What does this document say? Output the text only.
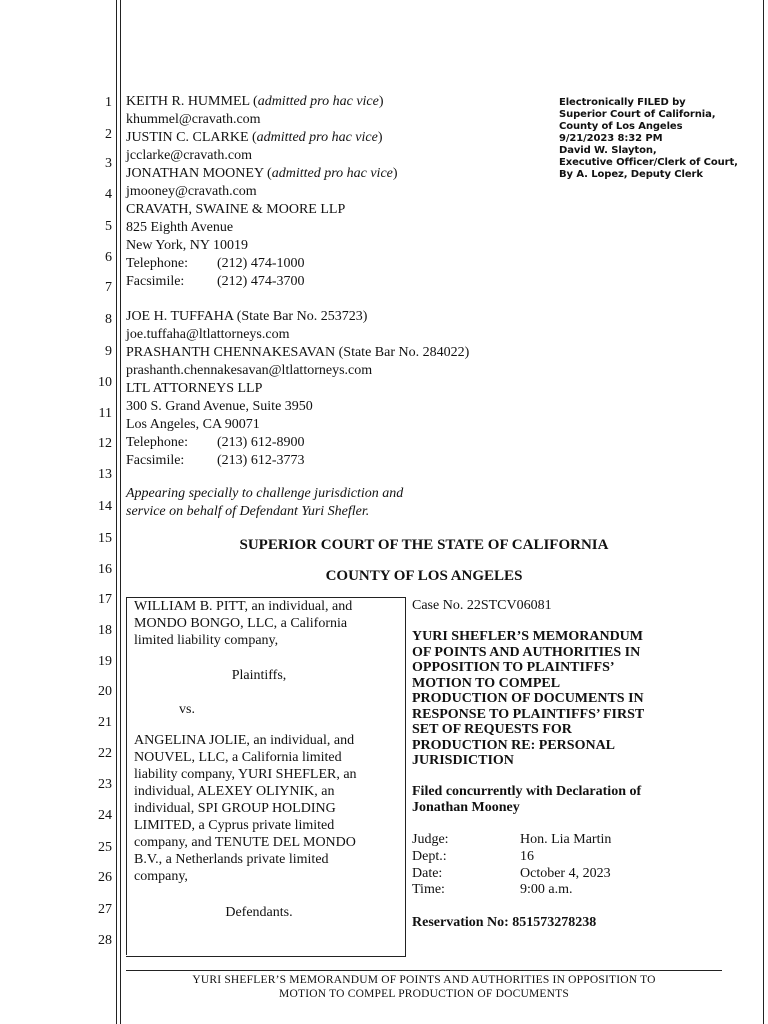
1
2
3
4
5
6
7
8
9
10
11
12
13
14
15
16
17
18
19
20
21
22
23
24
25
26
27
28
Electronically FILED by
Superior Court of California,
County of Los Angeles
9/21/2023 8:32 PM
David W. Slayton,
Executive Officer/Clerk of Court,
By A. Lopez, Deputy Clerk
KEITH R. HUMMEL (admitted pro hac vice)
khummel@cravath.com
JUSTIN C. CLARKE (admitted pro hac vice)
jcclarke@cravath.com
JONATHAN MOONEY (admitted pro hac vice)
jmooney@cravath.com
CRAVATH, SWAINE & MOORE LLP
825 Eighth Avenue
New York, NY 10019
Telephone: (212) 474-1000
Facsimile: (212) 474-3700
JOE H. TUFFAHA (State Bar No. 253723)
joe.tuffaha@ltlattorneys.com
PRASHANTH CHENNAKESAVAN (State Bar No. 284022)
prashanth.chennakesavan@ltlattorneys.com
LTL ATTORNEYS LLP
300 S. Grand Avenue, Suite 3950
Los Angeles, CA 90071
Telephone: (213) 612-8900
Facsimile: (213) 612-3773
Appearing specially to challenge jurisdiction and
service on behalf of Defendant Yuri Shefler.
SUPERIOR COURT OF THE STATE OF CALIFORNIA
COUNTY OF LOS ANGELES
WILLIAM B. PITT, an individual, and
MONDO BONGO, LLC, a California
limited liability company,
Plaintiffs,
vs.
ANGELINA JOLIE, an individual, and
NOUVEL, LLC, a California limited
liability company, YURI SHEFLER, an
individual, ALEXEY OLIYNIK, an
individual, SPI GROUP HOLDING
LIMITED, a Cyprus private limited
company, and TENUTE DEL MONDO
B.V., a Netherlands private limited
company,
Defendants.
Case No. 22STCV06081
YURI SHEFLER’S MEMORANDUM
OF POINTS AND AUTHORITIES IN
OPPOSITION TO PLAINTIFFS’
MOTION TO COMPEL
PRODUCTION OF DOCUMENTS IN
RESPONSE TO PLAINTIFFS’ FIRST
SET OF REQUESTS FOR
PRODUCTION RE: PERSONAL
JURISDICTION
Filed concurrently with Declaration of
Jonathan Mooney
Judge:	Hon. Lia Martin
Dept.:	16
Date:	October 4, 2023
Time:	9:00 a.m.
Reservation No: 851573278238
YURI SHEFLER’S MEMORANDUM OF POINTS AND AUTHORITIES IN OPPOSITION TO
MOTION TO COMPEL PRODUCTION OF DOCUMENTS
